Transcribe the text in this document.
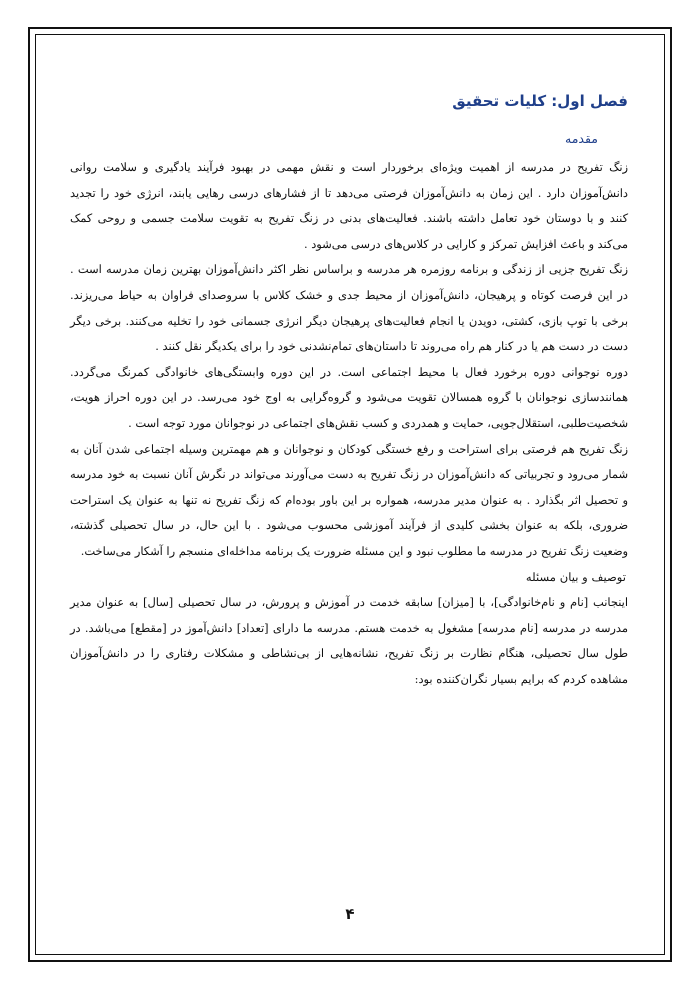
فصل اول: کلیات تحقیق
مقدمه

زنگ تفریح در مدرسه از اهمیت ویژه‌ای برخوردار است و نقش مهمی در بهبود فرآیند یادگیری و سلامت روانی دانش‌آموزان دارد . این زمان به دانش‌آموزان فرصتی می‌دهد تا از فشارهای درسی رهایی یابند، انرژی خود را تجدید کنند و با دوستان خود تعامل داشته باشند. فعالیت‌های بدنی در زنگ تفریح به تقویت سلامت جسمی و روحی کمک می‌کند و باعث افزایش تمرکز و کارایی در کلاس‌های درسی می‌شود .

زنگ تفریح جزیی از زندگی و برنامه روزمره هر مدرسه و براساس نظر اکثر دانش‌آموزان بهترین زمان مدرسه است . در این فرصت کوتاه و پرهیجان، دانش‌آموزان از محیط جدی و خشک کلاس با سروصدای فراوان به حیاط می‌ریزند. برخی با توپ بازی، کشتی، دویدن یا انجام فعالیت‌های پرهیجان دیگر انرژی جسمانی خود را تخلیه می‌کنند. برخی دیگر دست در دست هم یا در کنار هم راه می‌روند تا داستان‌های تمام‌نشدنی خود را برای یکدیگر نقل کنند .

دوره نوجوانی دوره برخورد فعال با محیط اجتماعی است. در این دوره وابستگی‌های خانوادگی کمرنگ می‌گردد. همانندسازی نوجوانان با گروه همسالان تقویت می‌شود و گروه‌گرایی به اوج خود می‌رسد. در این دوره احراز هویت، شخصیت‌طلبی، استقلال‌جویی، حمایت و همدردی و کسب نقش‌های اجتماعی در نوجوانان مورد توجه است .

زنگ تفریح هم فرصتی برای استراحت و رفع خستگی کودکان و نوجوانان و هم مهمترین وسیله اجتماعی شدن آنان به شمار می‌رود و تجربیاتی که دانش‌آموزان در زنگ تفریح به دست می‌آورند می‌تواند در نگرش آنان نسبت به خود مدرسه و تحصیل اثر بگذارد . به عنوان مدیر مدرسه، همواره بر این باور بوده‌ام که زنگ تفریح نه تنها به عنوان یک استراحت ضروری، بلکه به عنوان بخشی کلیدی از فرآیند آموزشی محسوب می‌شود . با این حال، در سال تحصیلی گذشته، وضعیت زنگ تفریح در مدرسه ما مطلوب نبود و این مسئله ضرورت یک برنامه مداخله‌ای منسجم را آشکار می‌ساخت.

توصیف و بیان مسئله

اینجانب [نام و نام‌خانوادگی]، با [میزان] سابقه خدمت در آموزش و پرورش، در سال تحصیلی [سال] به عنوان مدیر مدرسه در مدرسه [نام مدرسه] مشغول به خدمت هستم. مدرسه ما دارای [تعداد] دانش‌آموز در [مقطع] می‌باشد. در طول سال تحصیلی، هنگام نظارت بر زنگ تفریح، نشانه‌هایی از بی‌نشاطی و مشکلات رفتاری را در دانش‌آموزان مشاهده کردم که برایم بسیار نگران‌کننده بود:

۴
